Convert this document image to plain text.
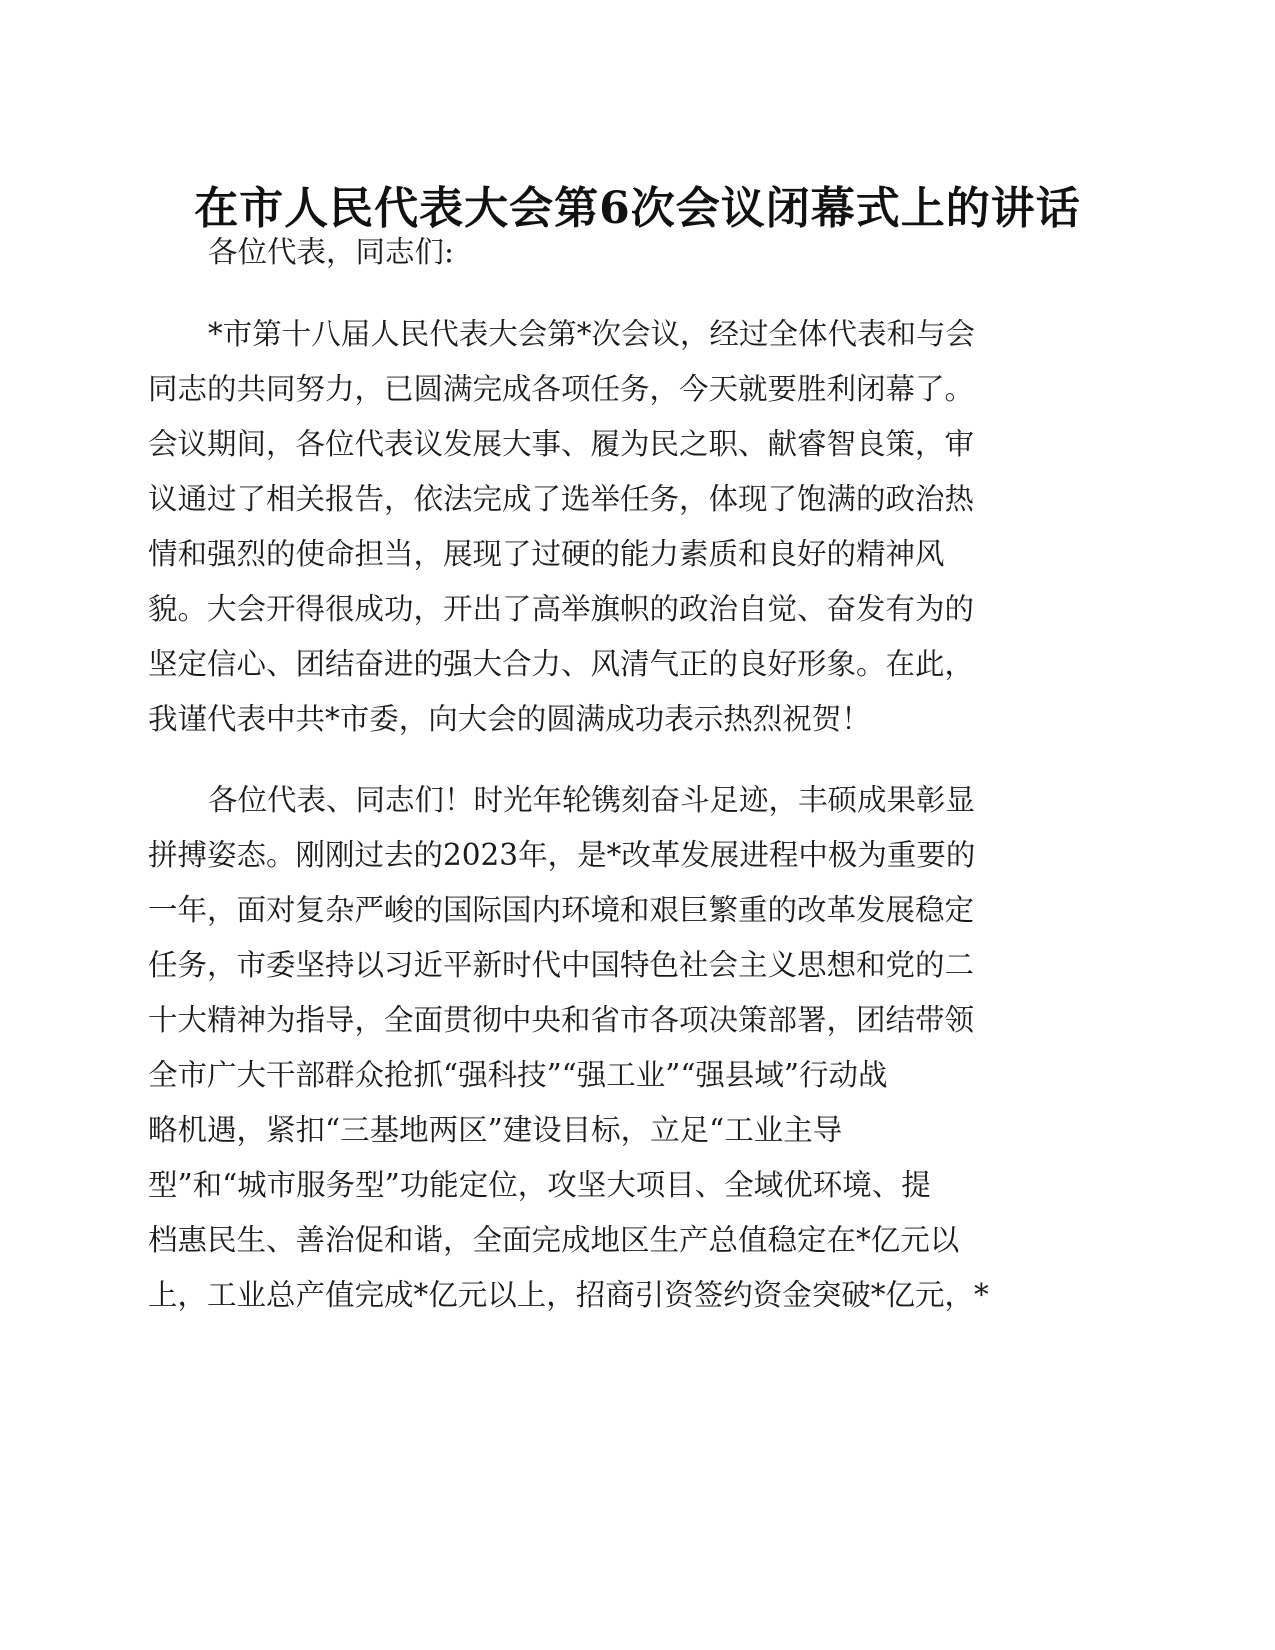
在市人民代表大会第6次会议闭幕式上的讲话
各位代表，同志们:
*市第十八届人民代表大会第*次会议，经过全体代表和与会
同志的共同努力，已圆满完成各项任务，今天就要胜利闭幕了。
会议期间，各位代表议发展大事、履为民之职、献睿智良策，审
议通过了相关报告，依法完成了选举任务，体现了饱满的政治热
情和强烈的使命担当，展现了过硬的能力素质和良好的精神风
貌。大会开得很成功，开出了高举旗帜的政治自觉、奋发有为的
坚定信心、团结奋进的强大合力、风清气正的良好形象。在此，
我谨代表中共*市委，向大会的圆满成功表示热烈祝贺！
各位代表、同志们！时光年轮镌刻奋斗足迹，丰硕成果彰显
拼搏姿态。刚刚过去的2023年，是*改革发展进程中极为重要的
一年，面对复杂严峻的国际国内环境和艰巨繁重的改革发展稳定
任务，市委坚持以习近平新时代中国特色社会主义思想和党的二
十大精神为指导，全面贯彻中央和省市各项决策部署，团结带领
全市广大干部群众抢抓“强科技”“强工业”“强县域”行动战
略机遇，紧扣“三基地两区”建设目标，立足“工业主导
型”和“城市服务型”功能定位，攻坚大项目、全域优环境、提
档惠民生、善治促和谐，全面完成地区生产总值稳定在*亿元以
上，工业总产值完成*亿元以上，招商引资签约资金突破*亿元，*
